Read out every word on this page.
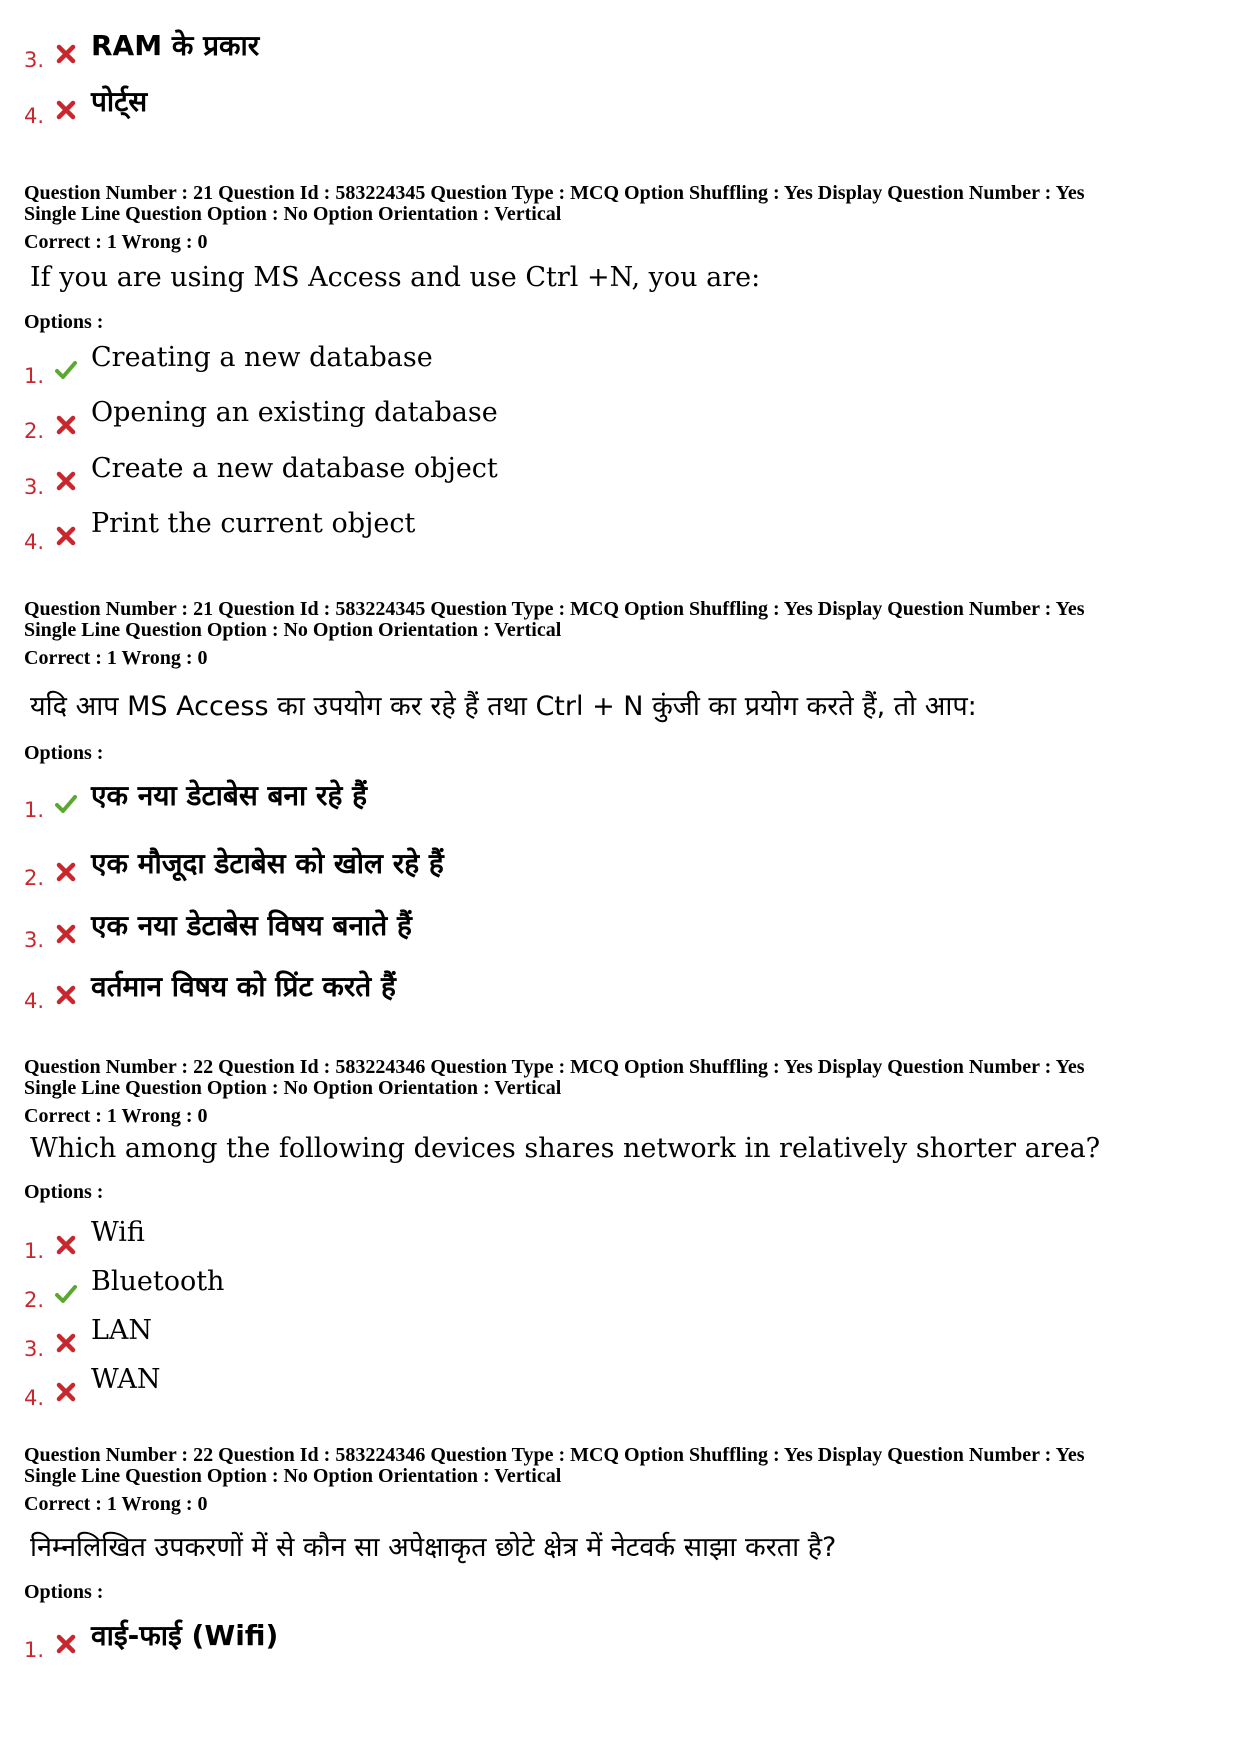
3. RAM के प्रकार
4. पोर्ट्स
Question Number : 21 Question Id : 583224345 Question Type : MCQ Option Shuffling : Yes Display Question Number : Yes
Single Line Question Option : No Option Orientation : Vertical
Correct : 1 Wrong : 0
If you are using MS Access and use Ctrl +N, you are:
Options :
1.
Creating a new database
2.
Opening an existing database
3.
Create a new database object
4.
Print the current object
Question Number : 21 Question Id : 583224345 Question Type : MCQ Option Shuffling : Yes Display Question Number : Yes
Single Line Question Option : No Option Orientation : Vertical
Correct : 1 Wrong : 0
यदि आप MS Access का उपयोग कर रहे हैं तथा Ctrl + N कुंजी का प्रयोग करते हैं, तो आप:
Options :
1. एक नया डेटाबेस बना रहे हैं
2. एक मौजूदा डेटाबेस को खोल रहे हैं
3. एक नया डेटाबेस विषय बनाते हैं
4. वर्तमान विषय को प्रिंट करते हैं
Question Number : 22 Question Id : 583224346 Question Type : MCQ Option Shuffling : Yes Display Question Number : Yes
Single Line Question Option : No Option Orientation : Vertical
Correct : 1 Wrong : 0
Which among the following devices shares network in relatively shorter area?
Options :
1.
Wifi
2.
Bluetooth
3.
LAN
4.
WAN
Question Number : 22 Question Id : 583224346 Question Type : MCQ Option Shuffling : Yes Display Question Number : Yes
Single Line Question Option : No Option Orientation : Vertical
Correct : 1 Wrong : 0
निम्नलिखित उपकरणों में से कौन सा अपेक्षाकृत छोटे क्षेत्र में नेटवर्क साझा करता है?
Options :
1. वाई-फाई (Wifi)
